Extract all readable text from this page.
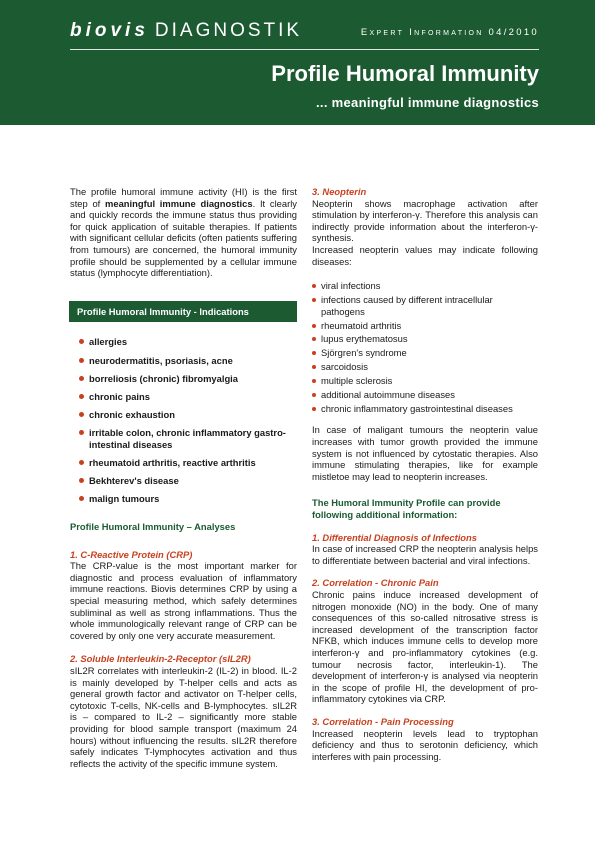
biovis DIAGNOSTIK	Expert Information 04/2010
Profile Humoral Immunity
... meaningful immune diagnostics

The profile humoral immune activity (HI) is the first step of meaningful immune diagnostics. It clearly and quickly records the immune status thus providing for quick application of suitable therapies. If patients with significant cellular deficits (often patients suffering from tumours) are concerned, the humoral immunity profile should be supplemented by a cellular immune status (lymphocyte differentiation).

Profile Humoral Immunity - Indications
allergies
neurodermatitis, psoriasis, acne
borreliosis (chronic) fibromyalgia
chronic pains
chronic exhaustion
irritable colon, chronic inflammatory gastro-intestinal diseases
rheumatoid arthritis, reactive arthritis
Bekhterev's disease
malign tumours

Profile Humoral Immunity – Analyses

1. C-Reactive Protein (CRP)

The CRP-value is the most important marker for diagnostic and process evaluation of inflammatory immune reactions. Biovis determines CRP by using a special measuring method, which safely determines subliminal as well as strong inflammations. Thus the whole immunologically relevant range of CRP can be covered by only one very accurate measurement.

2. Soluble Interleukin-2-Receptor (sIL2R)

sIL2R correlates with interleukin-2 (IL-2) in blood. IL-2 is mainly developed by T-helper cells and acts as general growth factor and activator on T-helper cells, cytotoxic T-cells, NK-cells and B-lymphocytes. sIL2R is – compared to IL-2 – significantly more stable providing for blood sample transport (maximum 24 hours) without influencing the results. sIL2R therefore safely indicates T-lymphocytes activation and thus reflects the activity of the specific immune system.

3. Neopterin

Neopterin shows macrophage activation after stimulation by interferon-γ. Therefore this analysis can indirectly provide information about the interferon-γ- synthesis.

Increased neopterin values may indicate following diseases:

viral infections
infections caused by different intracellular pathogens
rheumatoid arthritis
lupus erythematosus
Sjörgren's syndrome
sarcoidosis
multiple sclerosis
additional autoimmune diseases
chronic inflammatory gastrointestinal diseases

In case of maligant tumours the neopterin value increases with tumor growth provided the immune system is not influenced by cytostatic therapies. Also immune stimulating therapies, like for example mistletoe may lead to neopterin increases.

The Humoral Immunity Profile can provide following additional information:

1. Differential Diagnosis of Infections

In case of increased CRP the neopterin analysis helps to differentiate between bacterial and viral infections.

2. Correlation - Chronic Pain

Chronic pains induce increased development of nitrogen monoxide (NO) in the body. One of many consequences of this so-called nitrosative stress is increased development of the transcription factor NFKB, which induces immune cells to develop more interferon-γ and pro-inflammatory cytokines (e.g. tumour necrosis factor, interleukin-1). The development of interferon-γ is analysed via neopterin in the scope of profile HI, the development of pro-inflammatory cytokines via CRP.

3. Correlation - Pain Processing

Increased neopterin levels lead to tryptophan deficiency and thus to serotonin deficiency, which interferes with pain processing.
